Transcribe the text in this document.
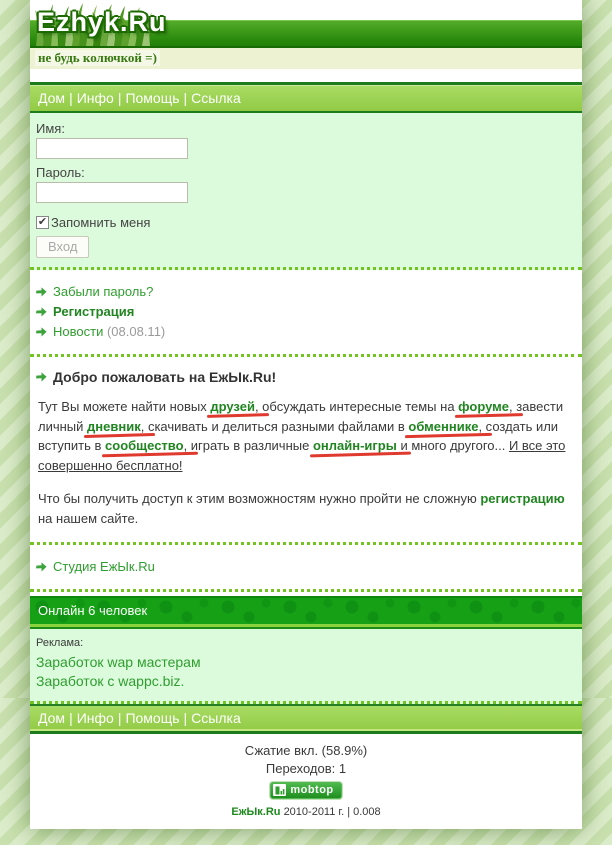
Ezhyk.Ru
не будь колючкой =)
Дом | Инфо | Помощь | Ссылка
Имя:
Пароль:
✔ Запомнить меня
Вход
Забыли пароль?
Регистрация
Новости (08.08.11)
Добро пожаловать на ЕжЫк.Ru!

Тут Вы можете найти новых друзей, обсуждать интересные темы на форуме, завести личный дневник, скачивать и делиться разными файлами в обменнике, создать или вступить в сообщество, играть в различные онлайн-игры и много другого... И все это совершенно бесплатно!

Что бы получить доступ к этим возможностям нужно пройти не сложную регистрацию на нашем сайте.

Студия ЕжЫк.Ru
Онлайн 6 человек
Реклама:
Заработок wap мастерам
Заработок с wappc.biz.
Дом | Инфо | Помощь | Ссылка
Сжатие вкл. (58.9%)
Переходов: 1
mobtop
ЕжЫк.Ru 2010-2011 г. | 0.008
